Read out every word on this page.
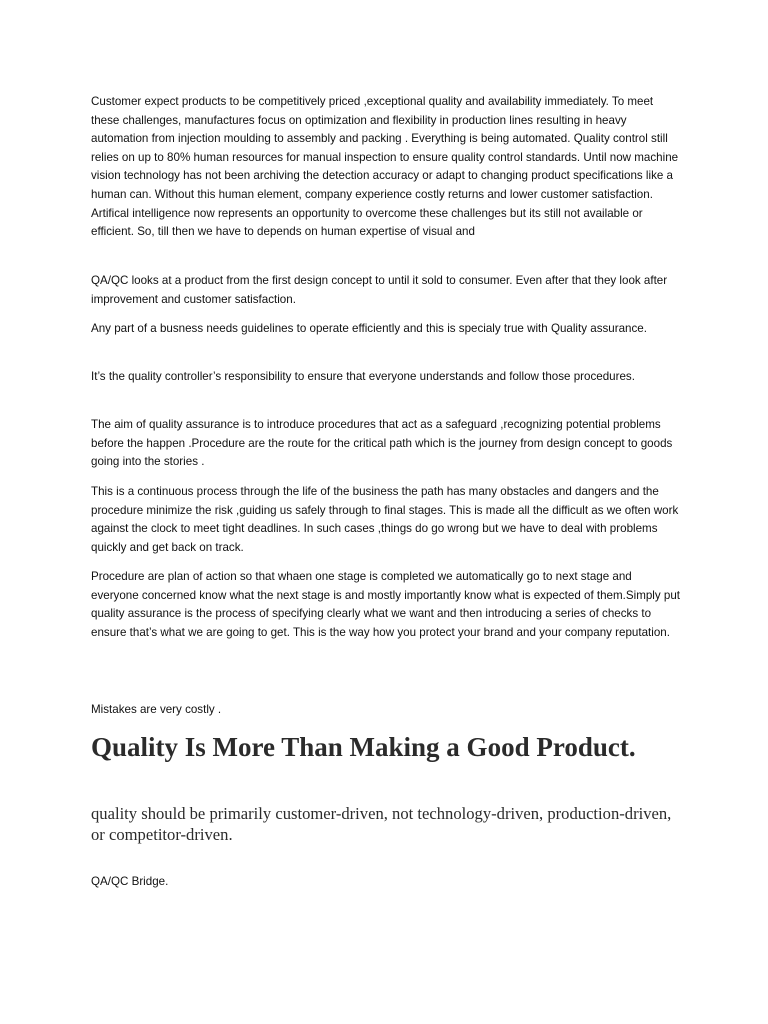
Customer expect products to be competitively priced ,exceptional quality and availability immediately. To meet these challenges, manufactures focus on optimization and flexibility in production lines resulting in heavy automation from injection moulding to assembly and packing . Everything is being automated. Quality control still relies on up to 80% human resources for manual inspection to ensure quality control standards. Until now machine vision technology has not been archiving the detection accuracy or adapt to changing product specifications like a human can. Without this human element, company experience costly returns and lower customer satisfaction. Artifical intelligence now represents an opportunity to overcome these challenges but its still not available or efficient. So, till then we have to depends on human expertise of visual and

QA/QC looks at a product from the first design concept to until it sold to consumer. Even after that they look after improvement and customer satisfaction.

Any part of a busness needs guidelines to operate efficiently and this is specialy true with Quality assurance.

It’s the quality controller’s responsibility to ensure that everyone understands and follow those procedures.

The aim of quality assurance is to introduce procedures that act as a safeguard ,recognizing potential problems before the happen .Procedure are the route for the critical path which is the journey from design concept to goods going into the stories .

This is a continuous process through the life of the business the path has many obstacles and dangers and the procedure minimize the risk ,guiding us safely through to final stages. This is made all the difficult as we often work against the clock to meet tight deadlines. In such cases ,things do go wrong but we have to deal with problems quickly and get back on track.

Procedure are plan of action so that whaen one stage is completed we automatically go to next stage and everyone concerned know what the next stage is and mostly importantly know what is expected of them.Simply put quality assurance is the process of specifying clearly what we want and then introducing a series of checks to ensure that’s what we are going to get. This is the way how you protect your brand and your company reputation.

Mistakes are very costly .

Quality Is More Than Making a Good Product.

quality should be primarily customer-driven, not technology-driven, production-driven, or competitor-driven.

QA/QC Bridge.
